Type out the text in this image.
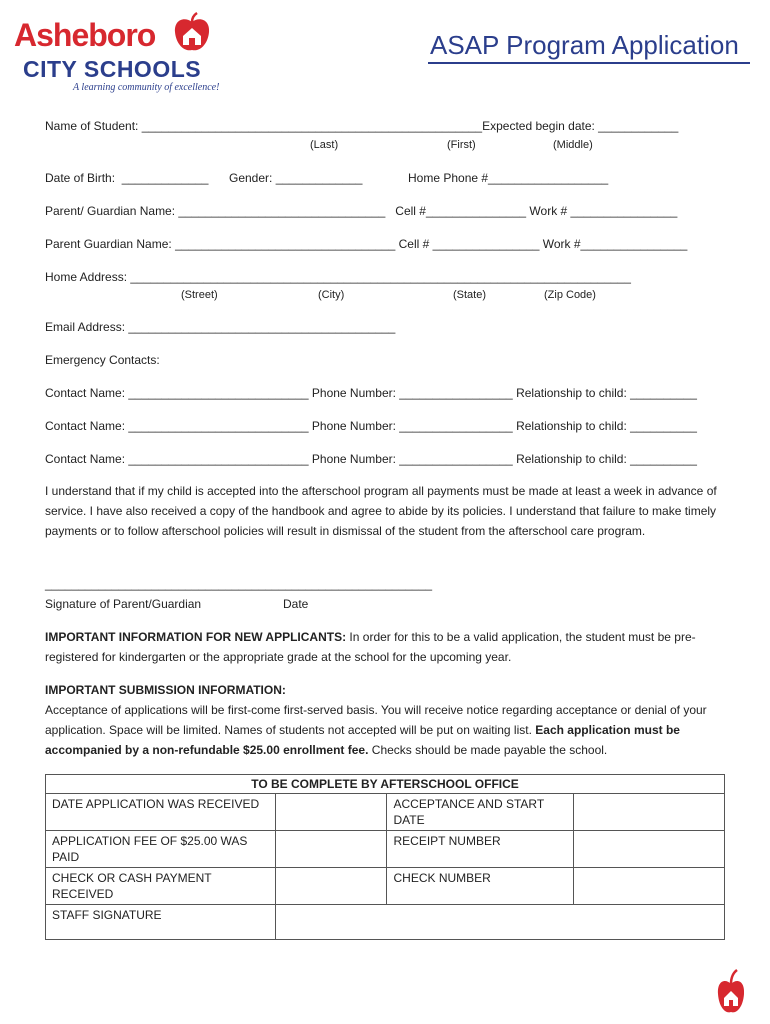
Asheboro
CITY SCHOOLS
A learning community of excellence!
ASAP Program Application
Name of Student: ___________________________________________________Expected begin date: ____________
(Last)	(First)	(Middle)
Date of Birth:  _____________ Gender: _____________	Home Phone #__________________
Parent/ Guardian Name: _______________________________   Cell #_______________ Work # ________________
Parent Guardian Name: _________________________________ Cell # ________________ Work #________________
Home Address: ___________________________________________________________________________
(Street)	(City)	(State)	(Zip Code)
Email Address: ________________________________________
Emergency Contacts:
Contact Name: ___________________________ Phone Number: _________________ Relationship to child: __________
Contact Name: ___________________________ Phone Number: _________________ Relationship to child: __________
Contact Name: ___________________________ Phone Number: _________________ Relationship to child: __________
I understand that if my child is accepted into the afterschool program all payments must be made at least a week in advance of service. I have also received a copy of the handbook and agree to abide by its policies. I understand that failure to make timely payments or to follow afterschool policies will result in dismissal of the student from the afterschool care program.
__________________________________________________________
Signature of Parent/Guardian	Date
IMPORTANT INFORMATION FOR NEW APPLICANTS: In order for this to be a valid application, the student must be pre-registered for kindergarten or the appropriate grade at the school for the upcoming year.
IMPORTANT SUBMISSION INFORMATION:
Acceptance of applications will be first-come first-served basis. You will receive notice regarding acceptance or denial of your application. Space will be limited. Names of students not accepted will be put on waiting list. Each application must be accompanied by a non-refundable $25.00 enrollment fee. Checks should be made payable the school.
TO BE COMPLETE BY AFTERSCHOOL OFFICE			
DATE APPLICATION WAS RECEIVED		ACCEPTANCE AND START DATE	
APPLICATION FEE OF $25.00 WAS PAID		RECEIPT NUMBER	
CHECK OR CASH PAYMENT RECEIVED		CHECK NUMBER	
STAFF SIGNATURE			
